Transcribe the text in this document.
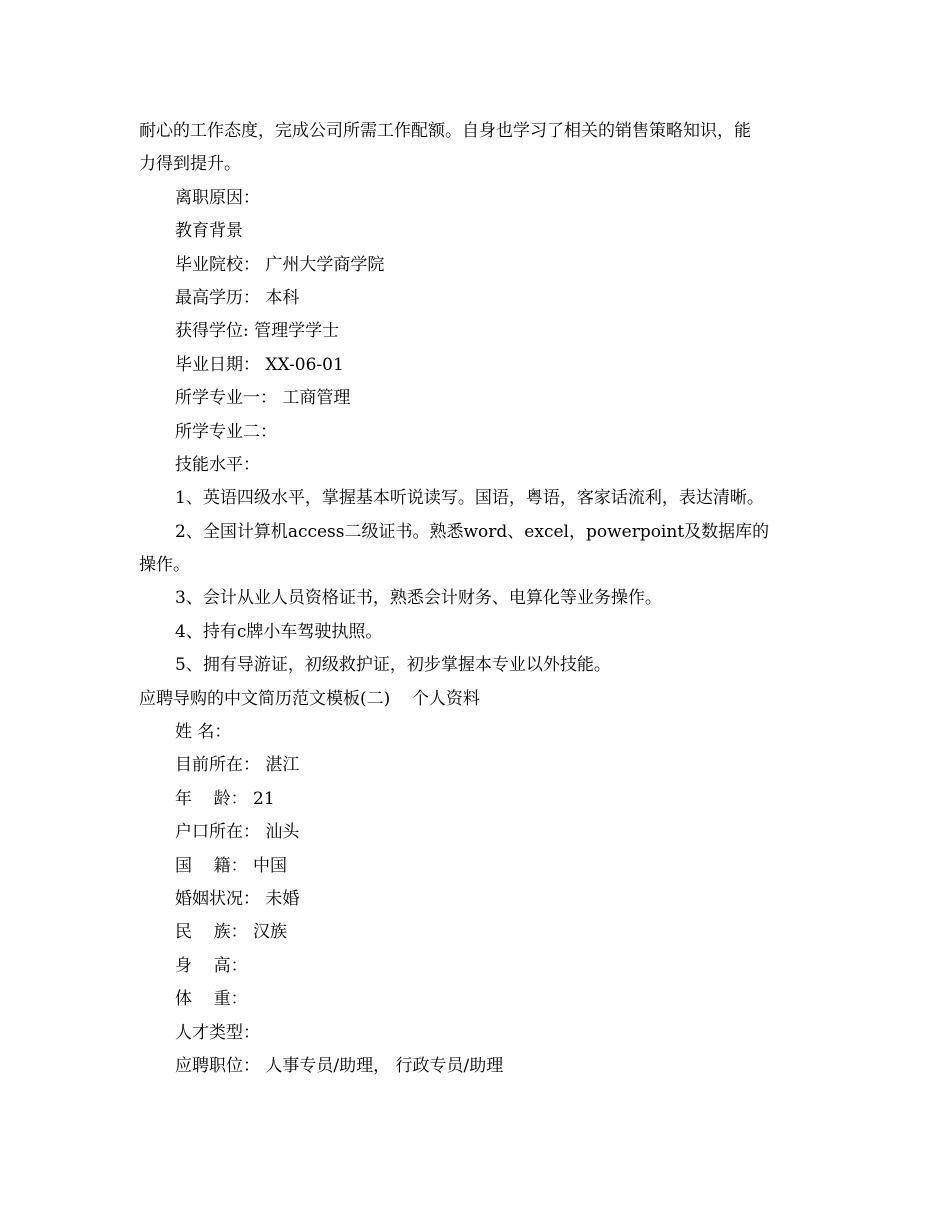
耐心的工作态度，完成公司所需工作配额。自身也学习了相关的销售策略知识，能
力得到提升。
离职原因：
教育背景
毕业院校： 广州大学商学院
最高学历： 本科
获得学位: 管理学学士
毕业日期： XX-06-01
所学专业一： 工商管理
所学专业二：
技能水平：
1、英语四级水平，掌握基本听说读写。国语，粤语，客家话流利，表达清晰。
2、全国计算机access二级证书。熟悉word、excel，powerpoint及数据库的
操作。
3、会计从业人员资格证书，熟悉会计财务、电算化等业务操作。
4、持有c牌小车驾驶执照。
5、拥有导游证，初级救护证，初步掌握本专业以外技能。
应聘导购的中文简历范文模板(二)    个人资料
姓 名：
目前所在： 湛江
年    龄： 21
户口所在： 汕头
国    籍： 中国
婚姻状况： 未婚
民    族： 汉族
身    高：
体    重：
人才类型：
应聘职位： 人事专员/助理， 行政专员/助理
